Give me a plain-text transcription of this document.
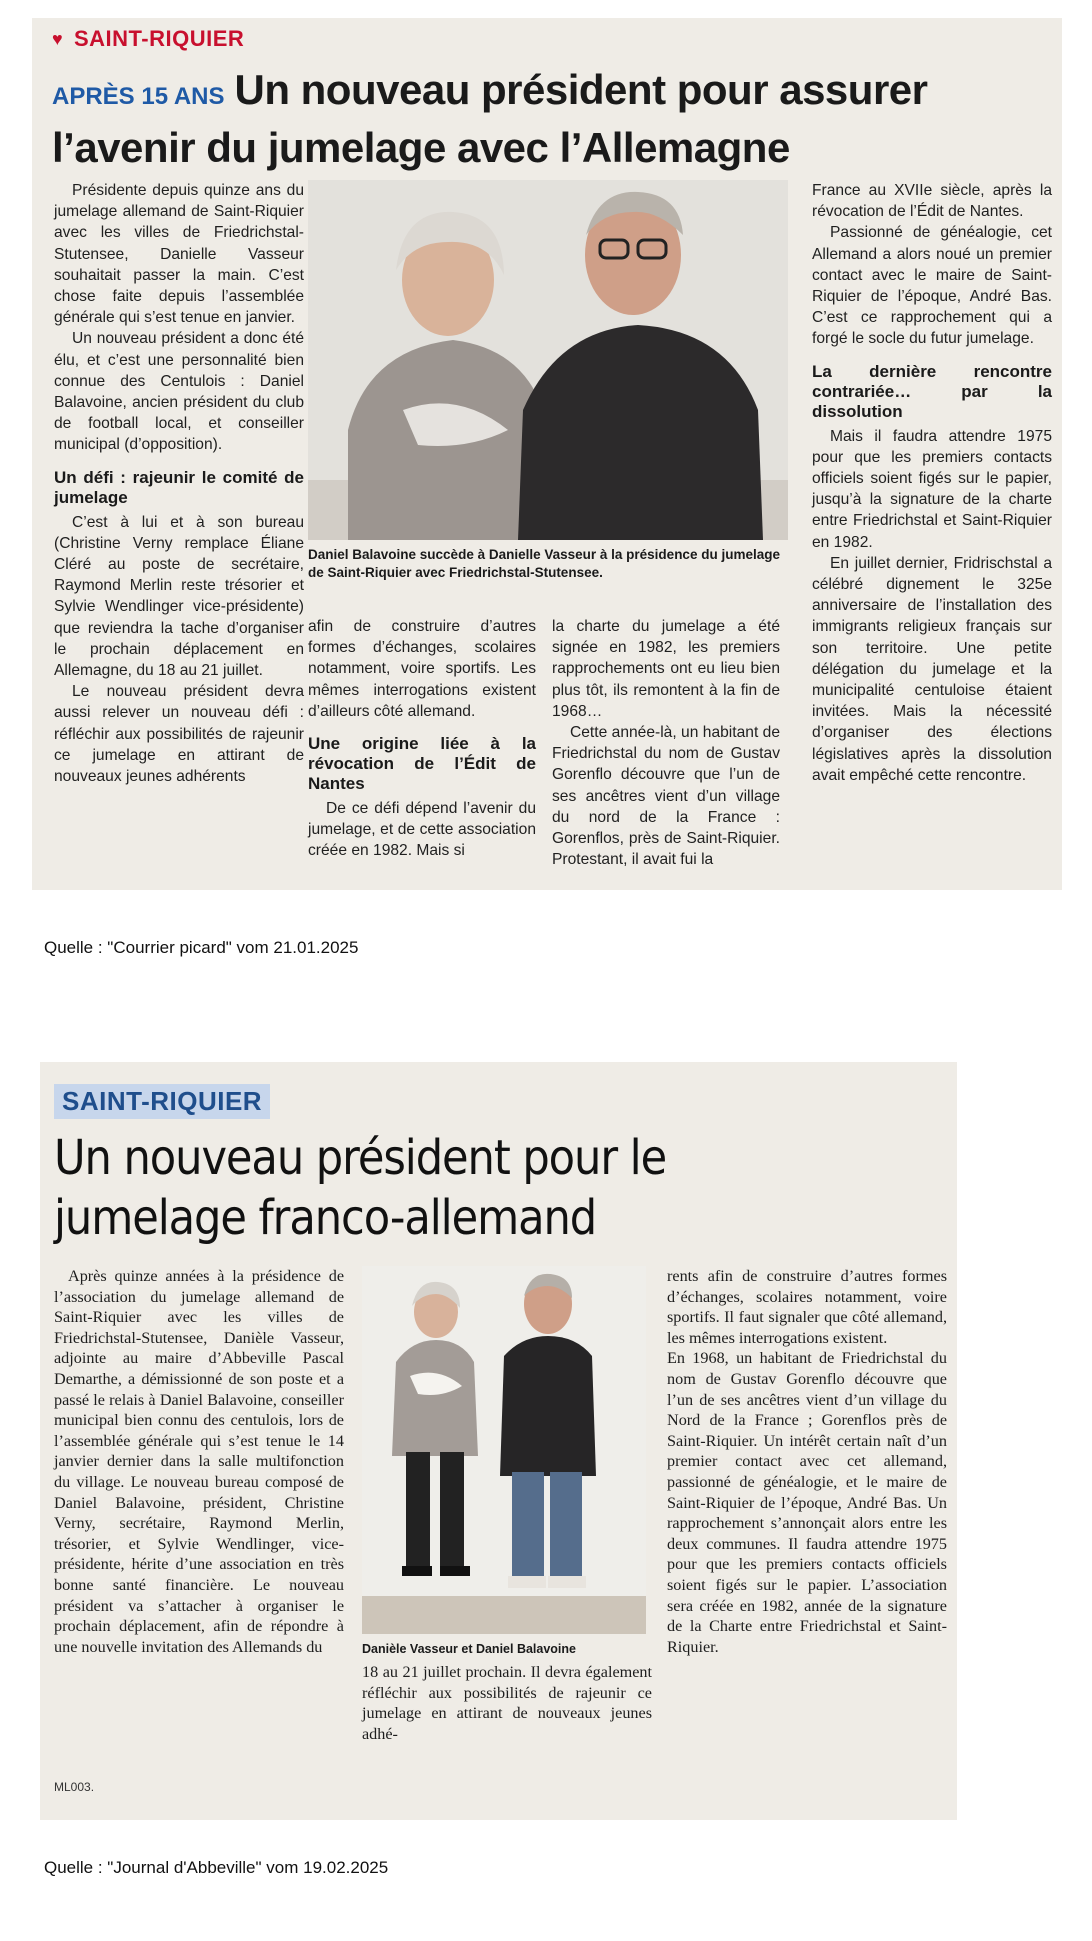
♥ SAINT-RIQUIER
APRÈS 15 ANS Un nouveau président pour assurer l’avenir du jumelage avec l’Allemagne

Présidente depuis quinze ans du jumelage allemand de Saint-Riquier avec les villes de Friedrichstal-Stutensee, Danielle Vasseur souhaitait passer la main. C’est chose faite depuis l’assemblée générale qui s’est tenue en janvier.

Un nouveau président a donc été élu, et c’est une personnalité bien connue des Centulois : Daniel Balavoine, ancien président du club de football local, et conseiller municipal (d’opposition).

Un défi : rajeunir le comité de jumelage

C’est à lui et à son bureau (Christine Verny remplace Éliane Cléré au poste de secrétaire, Raymond Merlin reste trésorier et Sylvie Wendlinger vice-présidente) que reviendra la tache d’organiser le prochain déplacement en Allemagne, du 18 au 21 juillet.

Le nouveau président devra aussi relever un nouveau défi : réfléchir aux possibilités de rajeunir ce jumelage en attirant de nouveaux jeunes adhérents

Daniel Balavoine succède à Danielle Vasseur à la présidence du jumelage de Saint-Riquier avec Friedrichstal-Stutensee.

afin de construire d’autres formes d’échanges, scolaires notamment, voire sportifs. Les mêmes interrogations existent d’ailleurs côté allemand.

Une origine liée à la révocation de l’Édit de Nantes

De ce défi dépend l’avenir du jumelage, et de cette association créée en 1982. Mais si

la charte du jumelage a été signée en 1982, les premiers rapprochements ont eu lieu bien plus tôt, ils remontent à la fin de 1968…

Cette année-là, un habitant de Friedrichstal du nom de Gustav Gorenflo découvre que l’un de ses ancêtres vient d’un village du nord de la France : Gorenflos, près de Saint-Riquier. Protestant, il avait fui la

France au XVIIe siècle, après la révocation de l’Édit de Nantes.

Passionné de généalogie, cet Allemand a alors noué un premier contact avec le maire de Saint-Riquier de l’époque, André Bas. C’est ce rapprochement qui a forgé le socle du futur jumelage.

La dernière rencontre contrariée… par la dissolution

Mais il faudra attendre 1975 pour que les premiers contacts officiels soient figés sur le papier, jusqu’à la signature de la charte entre Friedrichstal et Saint-Riquier en 1982.

En juillet dernier, Fridrischstal a célébré dignement le 325e anniversaire de l’installation des immigrants religieux français sur son territoire. Une petite délégation du jumelage et la municipalité centuloise étaient invitées. Mais la nécessité d’organiser des élections législatives après la dissolution avait empêché cette rencontre.

Quelle : "Courrier picard" vom 21.01.2025
SAINT-RIQUIER
Un nouveau président pour le jumelage franco-allemand

Après quinze années à la présidence de l’association du jumelage allemand de Saint-Riquier avec les villes de Friedrichstal-Stutensee, Danièle Vasseur, adjointe au maire d’Abbeville Pascal Demarthe, a démissionné de son poste et a passé le relais à Daniel Balavoine, conseiller municipal bien connu des centulois, lors de l’assemblée générale qui s’est tenue le 14 janvier dernier dans la salle multifonction du village. Le nouveau bureau composé de Daniel Balavoine, président, Christine Verny, secrétaire, Raymond Merlin, trésorier, et Sylvie Wendlinger, vice-présidente, hérite d’une association en très bonne santé financière. Le nouveau président va s’attacher à organiser le prochain déplacement, afin de répondre à une nouvelle invitation des Allemands du	Danièle Vasseur et Daniel Balavoine

18 au 21 juillet prochain. Il devra également réfléchir aux possibilités de rajeunir ce jumelage en attirant de nouveaux jeunes adhé-

rents afin de construire d’autres formes d’échanges, scolaires notamment, voire sportifs. Il faut signaler que côté allemand, les mêmes interrogations existent.

En 1968, un habitant de Friedrichstal du nom de Gustav Gorenflo découvre que l’un de ses ancêtres vient d’un village du Nord de la France ; Gorenflos près de Saint-Riquier. Un intérêt certain naît d’un premier contact avec cet allemand, passionné de généalogie, et le maire de Saint-Riquier de l’époque, André Bas. Un rapprochement s’annonçait alors entre les deux communes. Il faudra attendre 1975 pour que les premiers contacts officiels soient figés sur le papier. L’association sera créée en 1982, année de la signature de la Charte entre Friedrichstal et Saint-Riquier.

ML003.
Quelle : "Journal d'Abbeville" vom 19.02.2025
